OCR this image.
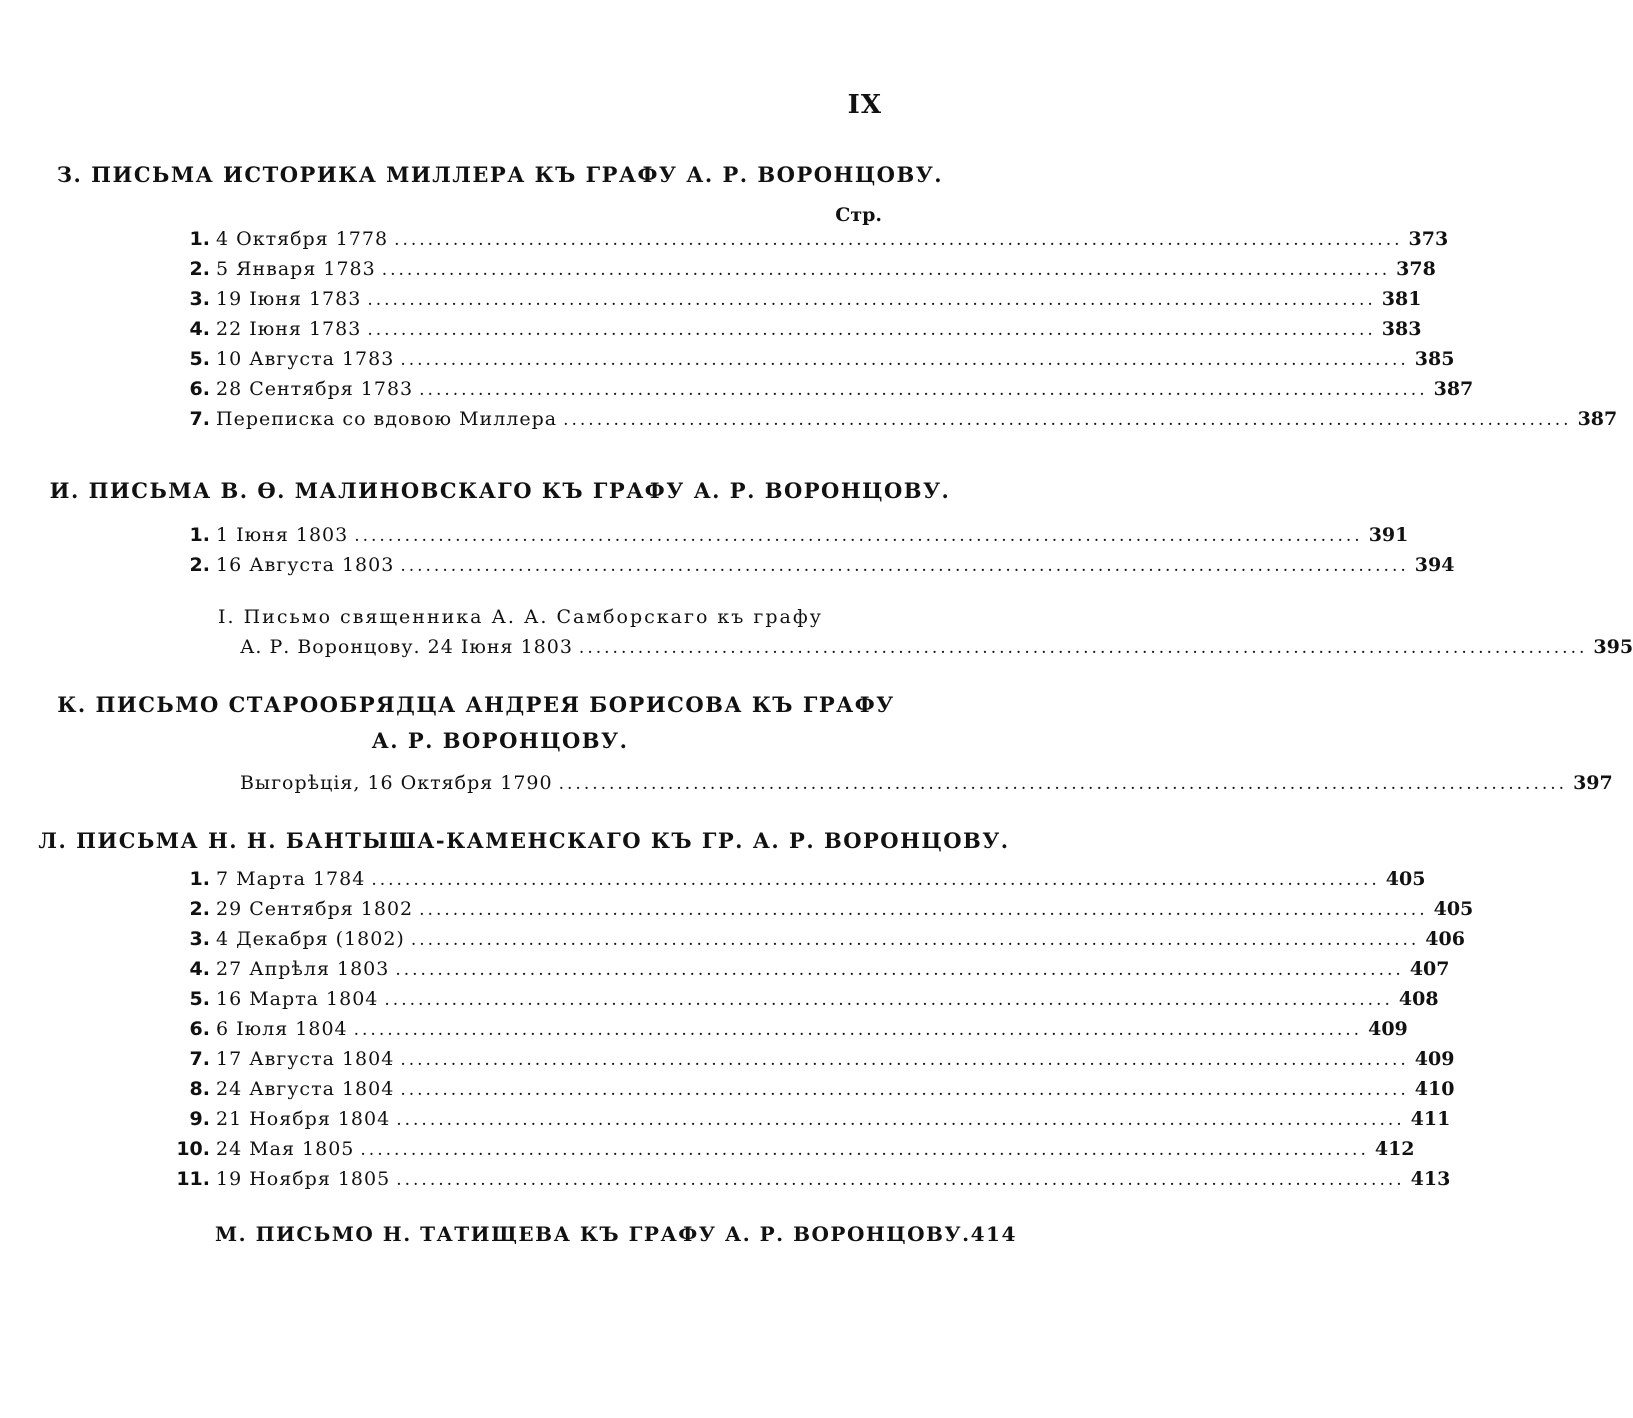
IX
З. ПИСЬМА ИСТОРИКА МИЛЛЕРА КЪ ГРАФУ А. Р. ВОРОНЦОВУ.
Стр.
1. 4 Октября 1778 .....	373
2. 5 Января 1783 .....	378
3. 19 Іюня 1783 .....	381
4. 22 Іюня 1783 .....	383
5. 10 Августа 1783 .....	385
6. 28 Сентября 1783 .....	387
7. Переписка со вдовою Миллера .....	387
И. ПИСЬМА В. Ѳ. МАЛИНОВСКАГО КЪ ГРАФУ А. Р. ВОРОНЦОВУ.
1. 1 Іюня 1803 .....	391
2. 16 Августа 1803 .....	394
І. Письмо священника А. А. Самборскаго къ графу
А. Р. Воронцову. 24 Іюня 1803 .....	395
К. ПИСЬМО СТАРООБРЯДЦА АНДРЕЯ БОРИСОВА КЪ ГРАФУ
А. Р. ВОРОНЦОВУ.
Выгорѣція, 16 Октября 1790 .....	397
Л. ПИСЬМА Н. Н. БАНТЫША-КАМЕНСКАГО КЪ ГР. А. Р. ВОРОНЦОВУ.
1. 7 Марта 1784 .....	405
2. 29 Сентября 1802 .....	405
3. 4 Декабря (1802) .....	406
4. 27 Апрѣля 1803 .....	407
5. 16 Марта 1804 .....	408
6. 6 Іюля 1804 .....	409
7. 17 Августа 1804 .....	409
8. 24 Августа 1804 .....	410
9. 21 Ноября 1804 .....	411
10. 24 Мая 1805 .....	412
11. 19 Ноября 1805 .....	413
М. ПИСЬМО Н. ТАТИЩЕВА КЪ ГРАФУ А. Р. ВОРОНЦОВУ. 414
